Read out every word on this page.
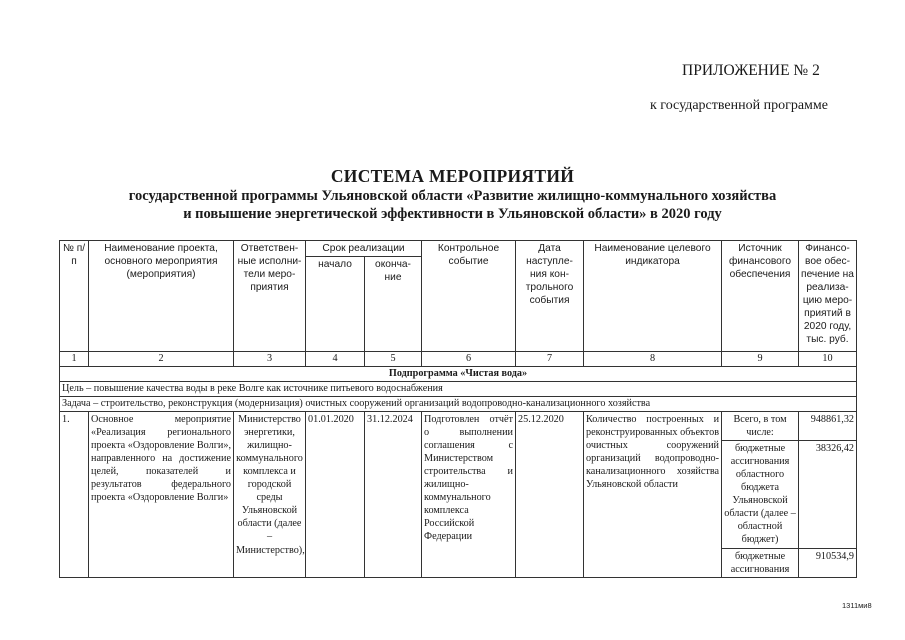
ПРИЛОЖЕНИЕ № 2
к государственной программе
СИСТЕМА МЕРОПРИЯТИЙ
государственной программы Ульяновской области «Развитие жилищно-коммунального хозяйства
и повышение энергетической эффективности в Ульяновской области» в 2020 году
№ п/п	Наименование проекта, основного мероприятия (мероприятия)	Ответствен-ные исполни-тели меро-приятия	Срок реализации		Контрольное событие	Дата наступле-ния кон-трольного события	Наименование целевого индикатора	Источник финансового обеспечения	Финансо-вое обес-печение на реализа-цию меро-приятий в 2020 году, тыс. руб.
			начало	оконча-ние					
1	2	3	4	5	6	7	8	9	10
Подпрограмма «Чистая вода»									
Цель – повышение качества воды в реке Волге как источнике питьевого водоснабжения									
Задача – строительство, реконструкция (модернизация) очистных сооружений организаций водопроводно-канализационного хозяйства									
1.	Основное мероприятие «Реализация регионального проекта «Оздоровление Волги», направленного на достижение целей, показателей и результатов федерального проекта «Оздоровление Волги»	Министерство энергетики, жилищно-коммунального комплекса и городской среды Ульяновской области (далее – Министерство),	01.01.2020	31.12.2024	Подготовлен отчёт о выполнении соглашения с Министерством строительства и жилищно-коммунального комплекса Российской Федерации	25.12.2020	Количество построенных и реконструированных объектов очистных сооружений организаций водопроводно-канализационного хозяйства Ульяновской области	Всего, в том числе:	948861,32
								бюджетные ассигнования областного бюджета Ульяновской области (далее – областной бюджет)	38326,42
								бюджетные ассигнования	910534,9
1311ми8
